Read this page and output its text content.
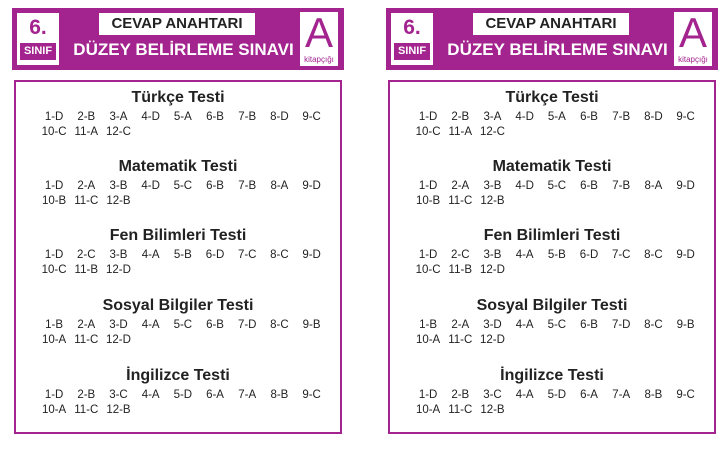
6.
SINIF
CEVAP ANAHTARI
DÜZEY BELİRLEME SINAVI A
kitapçığı
Türkçe Testi
1-D	2-B	3-A	4-D	5-A	6-B	7-B	8-D	9-C
10-C 11-A 12-C
Matematik Testi
1-D	2-A	3-B	4-D	5-C	6-B	7-B	8-A	9-D
10-B 11-C 12-B
Fen Bilimleri Testi
1-D	2-C	3-B	4-A	5-B	6-D	7-C	8-C	9-D
10-C 11-B 12-D
Sosyal Bilgiler Testi
1-B	2-A	3-D	4-A	5-C	6-B	7-D	8-C	9-B
10-A 11-C 12-D
İngilizce Testi
1-D	2-B	3-C	4-A	5-D	6-A	7-A	8-B	9-C
10-A 11-C 12-B
6.
SINIF
CEVAP ANAHTARI
DÜZEY BELİRLEME SINAVI A
kitapçığı
Türkçe Testi
1-D	2-B	3-A	4-D	5-A	6-B	7-B	8-D	9-C
10-C 11-A 12-C
Matematik Testi
1-D	2-A	3-B	4-D	5-C	6-B	7-B	8-A	9-D
10-B 11-C 12-B
Fen Bilimleri Testi
1-D	2-C	3-B	4-A	5-B	6-D	7-C	8-C	9-D
10-C 11-B 12-D
Sosyal Bilgiler Testi
1-B	2-A	3-D	4-A	5-C	6-B	7-D	8-C	9-B
10-A 11-C 12-D
İngilizce Testi
1-D	2-B	3-C	4-A	5-D	6-A	7-A	8-B	9-C
10-A 11-C 12-B
